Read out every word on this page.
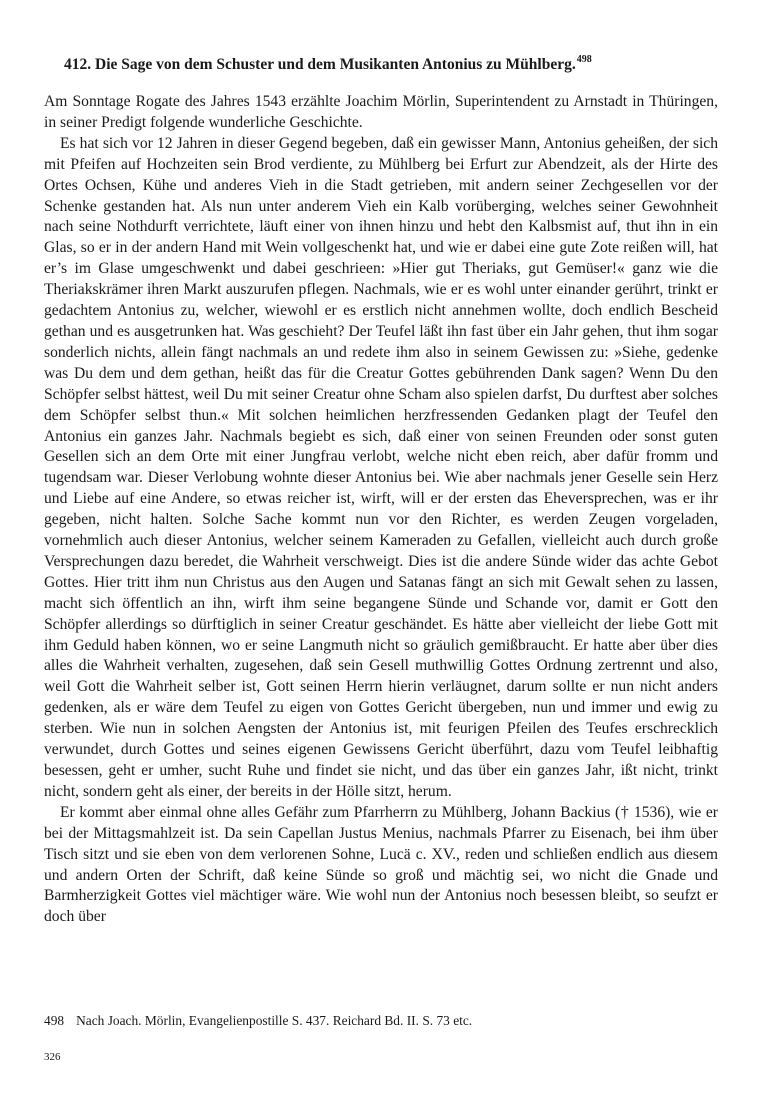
412. Die Sage von dem Schuster und dem Musikanten Antonius zu Mühlberg.$^{498}$

Am Sonntage Rogate des Jahres 1543 erzählte Joachim Mörlin, Superintendent zu Arnstadt in Thüringen, in seiner Predigt folgende wunderliche Geschichte.

Es hat sich vor 12 Jahren in dieser Gegend begeben, daß ein gewisser Mann, Antonius geheißen, der sich mit Pfeifen auf Hochzeiten sein Brod verdiente, zu Mühlberg bei Erfurt zur Abendzeit, als der Hirte des Ortes Ochsen, Kühe und anderes Vieh in die Stadt getrieben, mit andern seiner Zechgesellen vor der Schenke gestanden hat. Als nun unter anderem Vieh ein Kalb vorüberging, welches seiner Gewohnheit nach seine Nothdurft verrichtete, läuft einer von ihnen hinzu und hebt den Kalbsmist auf, thut ihn in ein Glas, so er in der andern Hand mit Wein vollgeschenkt hat, und wie er dabei eine gute Zote reißen will, hat er’s im Glase umgeschwenkt und dabei geschrieen: »Hier gut Theriaks, gut Gemüser!« ganz wie die Theriakskrämer ihren Markt auszurufen pflegen. Nachmals, wie er es wohl unter einander gerührt, trinkt er gedachtem Antonius zu, welcher, wiewohl er es erstlich nicht annehmen wollte, doch endlich Bescheid gethan und es ausgetrunken hat. Was geschieht? Der Teufel läßt ihn fast über ein Jahr gehen, thut ihm sogar sonderlich nichts, allein fängt nachmals an und redete ihm also in seinem Gewissen zu: »Siehe, gedenke was Du dem und dem gethan, heißt das für die Creatur Gottes gebührenden Dank sagen? Wenn Du den Schöpfer selbst hättest, weil Du mit seiner Creatur ohne Scham also spielen darfst, Du durftest aber solches dem Schöpfer selbst thun.« Mit solchen heimlichen herzfressenden Gedanken plagt der Teufel den Antonius ein ganzes Jahr. Nachmals begiebt es sich, daß einer von seinen Freunden oder sonst guten Gesellen sich an dem Orte mit einer Jungfrau verlobt, welche nicht eben reich, aber dafür fromm und tugendsam war. Dieser Verlobung wohnte dieser Antonius bei. Wie aber nachmals jener Geselle sein Herz und Liebe auf eine Andere, so etwas reicher ist, wirft, will er der ersten das Eheversprechen, was er ihr gegeben, nicht halten. Solche Sache kommt nun vor den Richter, es werden Zeugen vorgeladen, vornehmlich auch dieser Antonius, welcher seinem Kameraden zu Gefallen, vielleicht auch durch große Versprechungen dazu beredet, die Wahrheit verschweigt. Dies ist die andere Sünde wider das achte Gebot Gottes. Hier tritt ihm nun Christus aus den Augen und Satanas fängt an sich mit Gewalt sehen zu lassen, macht sich öffentlich an ihn, wirft ihm seine begangene Sünde und Schande vor, damit er Gott den Schöpfer allerdings so dürftiglich in seiner Creatur geschändet. Es hätte aber vielleicht der liebe Gott mit ihm Geduld haben können, wo er seine Langmuth nicht so gräulich gemißbraucht. Er hatte aber über dies alles die Wahrheit verhalten, zugesehen, daß sein Gesell muthwillig Gottes Ordnung zertrennt und also, weil Gott die Wahrheit selber ist, Gott seinen Herrn hierin verläugnet, darum sollte er nun nicht anders gedenken, als er wäre dem Teufel zu eigen von Gottes Gericht übergeben, nun und immer und ewig zu sterben. Wie nun in solchen Aengsten der Antonius ist, mit feurigen Pfeilen des Teufes erschrecklich verwundet, durch Gottes und seines eigenen Gewissens Gericht überführt, dazu vom Teufel leibhaftig besessen, geht er umher, sucht Ruhe und findet sie nicht, und das über ein ganzes Jahr, ißt nicht, trinkt nicht, sondern geht als einer, der bereits in der Hölle sitzt, herum.

Er kommt aber einmal ohne alles Gefähr zum Pfarrherrn zu Mühlberg, Johann Backius († 1536), wie er bei der Mittagsmahlzeit ist. Da sein Capellan Justus Menius, nachmals Pfarrer zu Eisenach, bei ihm über Tisch sitzt und sie eben von dem verlorenen Sohne, Lucä c. XV., reden und schließen endlich aus diesem und andern Orten der Schrift, daß keine Sünde so groß und mächtig sei, wo nicht die Gnade und Barmherzigkeit Gottes viel mächtiger wäre. Wie wohl nun der Antonius noch besessen bleibt, so seufzt er doch über

498 Nach Joach. Mörlin, Evangelienpostille S. 437. Reichard Bd. II. S. 73 etc.
326
